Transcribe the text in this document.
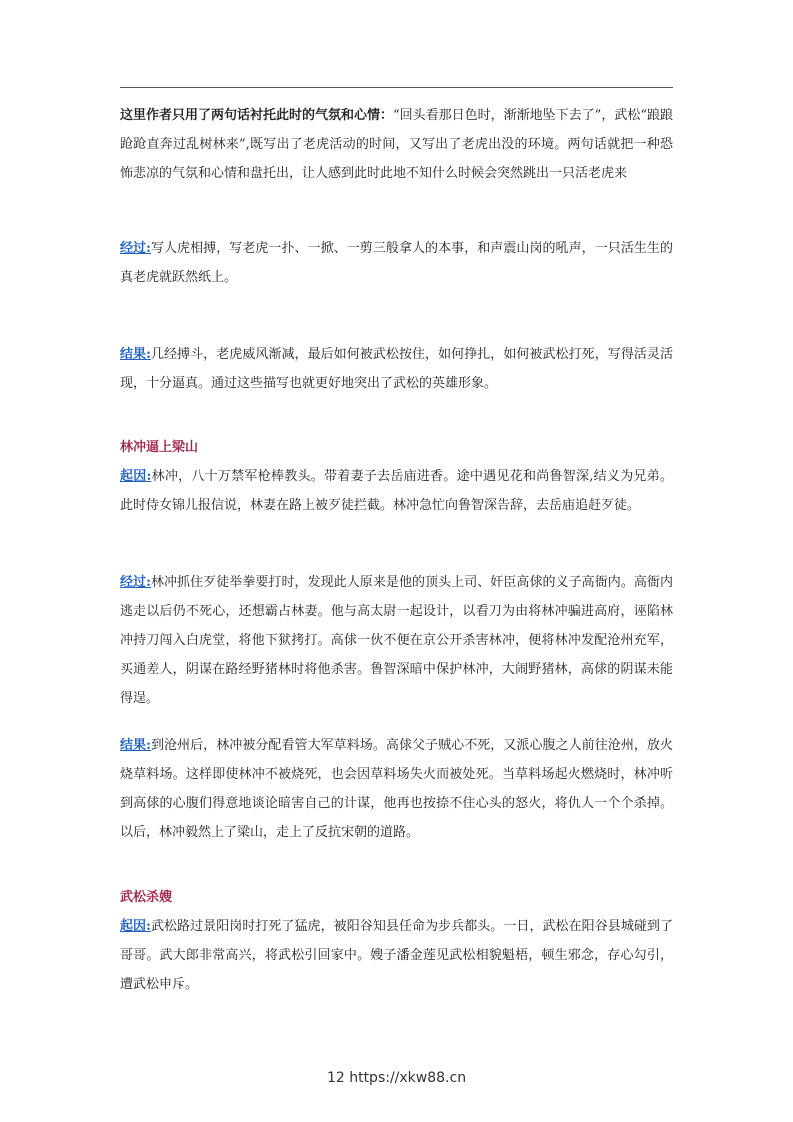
这里作者只用了两句话衬托此时的气氛和心情：“回头看那日色时，渐渐地坠下去了”，武松“踉踉跄跄直奔过乱树林来”,既写出了老虎活动的时间，又写出了老虎出没的环境。两句话就把一种恐怖悲凉的气氛和心情和盘托出，让人感到此时此地不知什么时候会突然跳出一只活老虎来
经过:写人虎相搏，写老虎一扑、一掀、一剪三般拿人的本事，和声震山岗的吼声，一只活生生的真老虎就跃然纸上。
结果:几经搏斗，老虎威风渐减，最后如何被武松按住，如何挣扎，如何被武松打死，写得活灵活现，十分逼真。通过这些描写也就更好地突出了武松的英雄形象。
林冲逼上梁山
起因:林冲，八十万禁军枪棒教头。带着妻子去岳庙进香。途中遇见花和尚鲁智深,结义为兄弟。此时侍女锦儿报信说，林妻在路上被歹徒拦截。林冲急忙向鲁智深告辞，去岳庙追赶歹徒。
经过:林冲抓住歹徒举拳要打时，发现此人原来是他的顶头上司、奸臣高俅的义子高衙内。高衙内逃走以后仍不死心，还想霸占林妻。他与高太尉一起设计，以看刀为由将林冲骗进高府，诬陷林冲持刀闯入白虎堂，将他下狱拷打。高俅一伙不便在京公开杀害林冲，便将林冲发配沧州充军，买通差人，阴谋在路经野猪林时将他杀害。鲁智深暗中保护林冲，大闹野猪林，高俅的阴谋未能得逞。
结果:到沧州后，林冲被分配看管大军草料场。高俅父子贼心不死，又派心腹之人前往沧州，放火烧草料场。这样即使林冲不被烧死，也会因草料场失火而被处死。当草料场起火燃烧时，林冲听到高俅的心腹们得意地谈论暗害自己的计谋，他再也按捺不住心头的怒火，将仇人一个个杀掉。以后，林冲毅然上了梁山，走上了反抗宋朝的道路。
武松杀嫂
起因:武松路过景阳岗时打死了猛虎，被阳谷知县任命为步兵都头。一日，武松在阳谷县城碰到了哥哥。武大郎非常高兴，将武松引回家中。嫂子潘金莲见武松相貌魁梧，顿生邪念，存心勾引，遭武松申斥。
12 https://xkw88.cn
